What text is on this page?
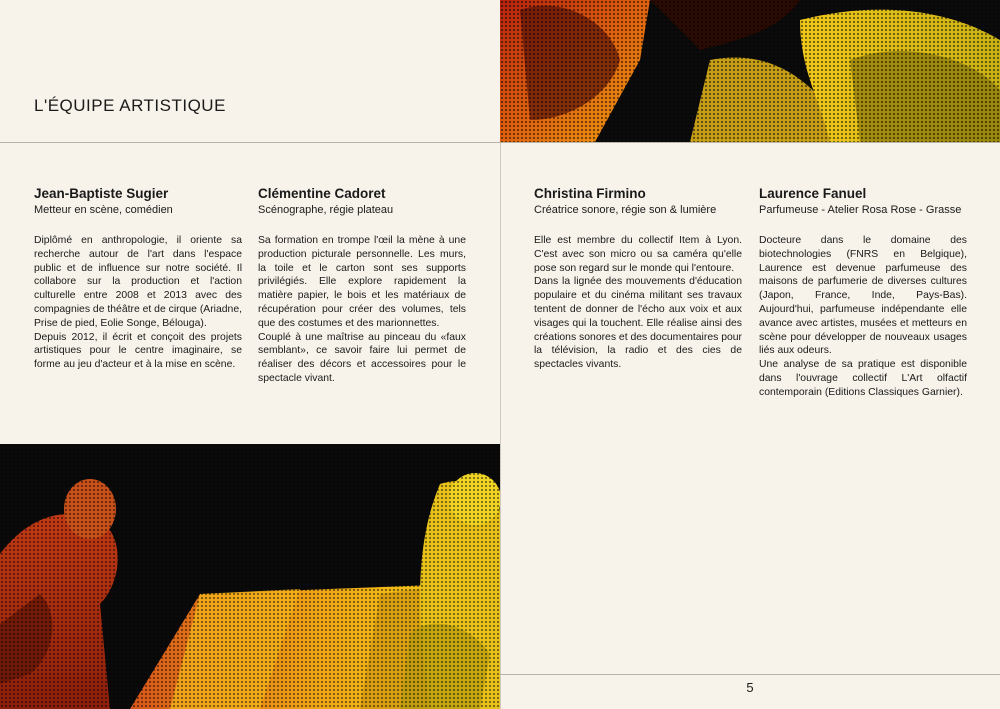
L'ÉQUIPE ARTISTIQUE
Jean-Baptiste Sugier
Metteur en scène, comédien
Diplômé en anthropologie, il oriente sa recherche autour de l'art dans l'espace public et de influence sur notre société. Il collabore sur la production et l'action culturelle entre 2008 et 2013 avec des compagnies de théâtre et de cirque (Ariadne, Prise de pied, Eolie Songe, Bélouga).
Depuis 2012, il écrit et conçoit des projets artistiques pour le centre imaginaire, se forme au jeu d'acteur et à la mise en scène.
Clémentine Cadoret
Scénographe, régie plateau
Sa formation en trompe l'œil la mène à une production picturale personnelle. Les murs, la toile et le carton sont ses supports privilégiés. Elle explore rapidement la matière papier, le bois et les matériaux de récupération pour créer des volumes, tels que des costumes et des marionnettes.
Couplé à une maîtrise au pinceau du «faux semblant», ce savoir faire lui permet de réaliser des décors et accessoires pour le spectacle vivant.
Christina Firmino
Créatrice sonore, régie son & lumière
Elle est membre du collectif Item à Lyon. C'est avec son micro ou sa caméra qu'elle pose son regard sur le monde qui l'entoure.
Dans la lignée des mouvements d'éducation populaire et du cinéma militant ses travaux tentent de donner de l'écho aux voix et aux visages qui la touchent. Elle réalise ainsi des créations sonores et des documentaires pour la télévision, la radio et des cies de spectacles vivants.
Laurence Fanuel
Parfumeuse - Atelier Rosa Rose - Grasse
Docteure dans le domaine des biotechnologies (FNRS en Belgique), Laurence est devenue parfumeuse des maisons de parfumerie de diverses cultures (Japon, France, Inde, Pays-Bas). Aujourd'hui, parfumeuse indépendante elle avance avec artistes, musées et metteurs en scène pour développer de nouveaux usages liés aux odeurs.
Une analyse de sa pratique est disponible dans l'ouvrage collectif L'Art olfactif contemporain (Editions Classiques Garnier).
5
